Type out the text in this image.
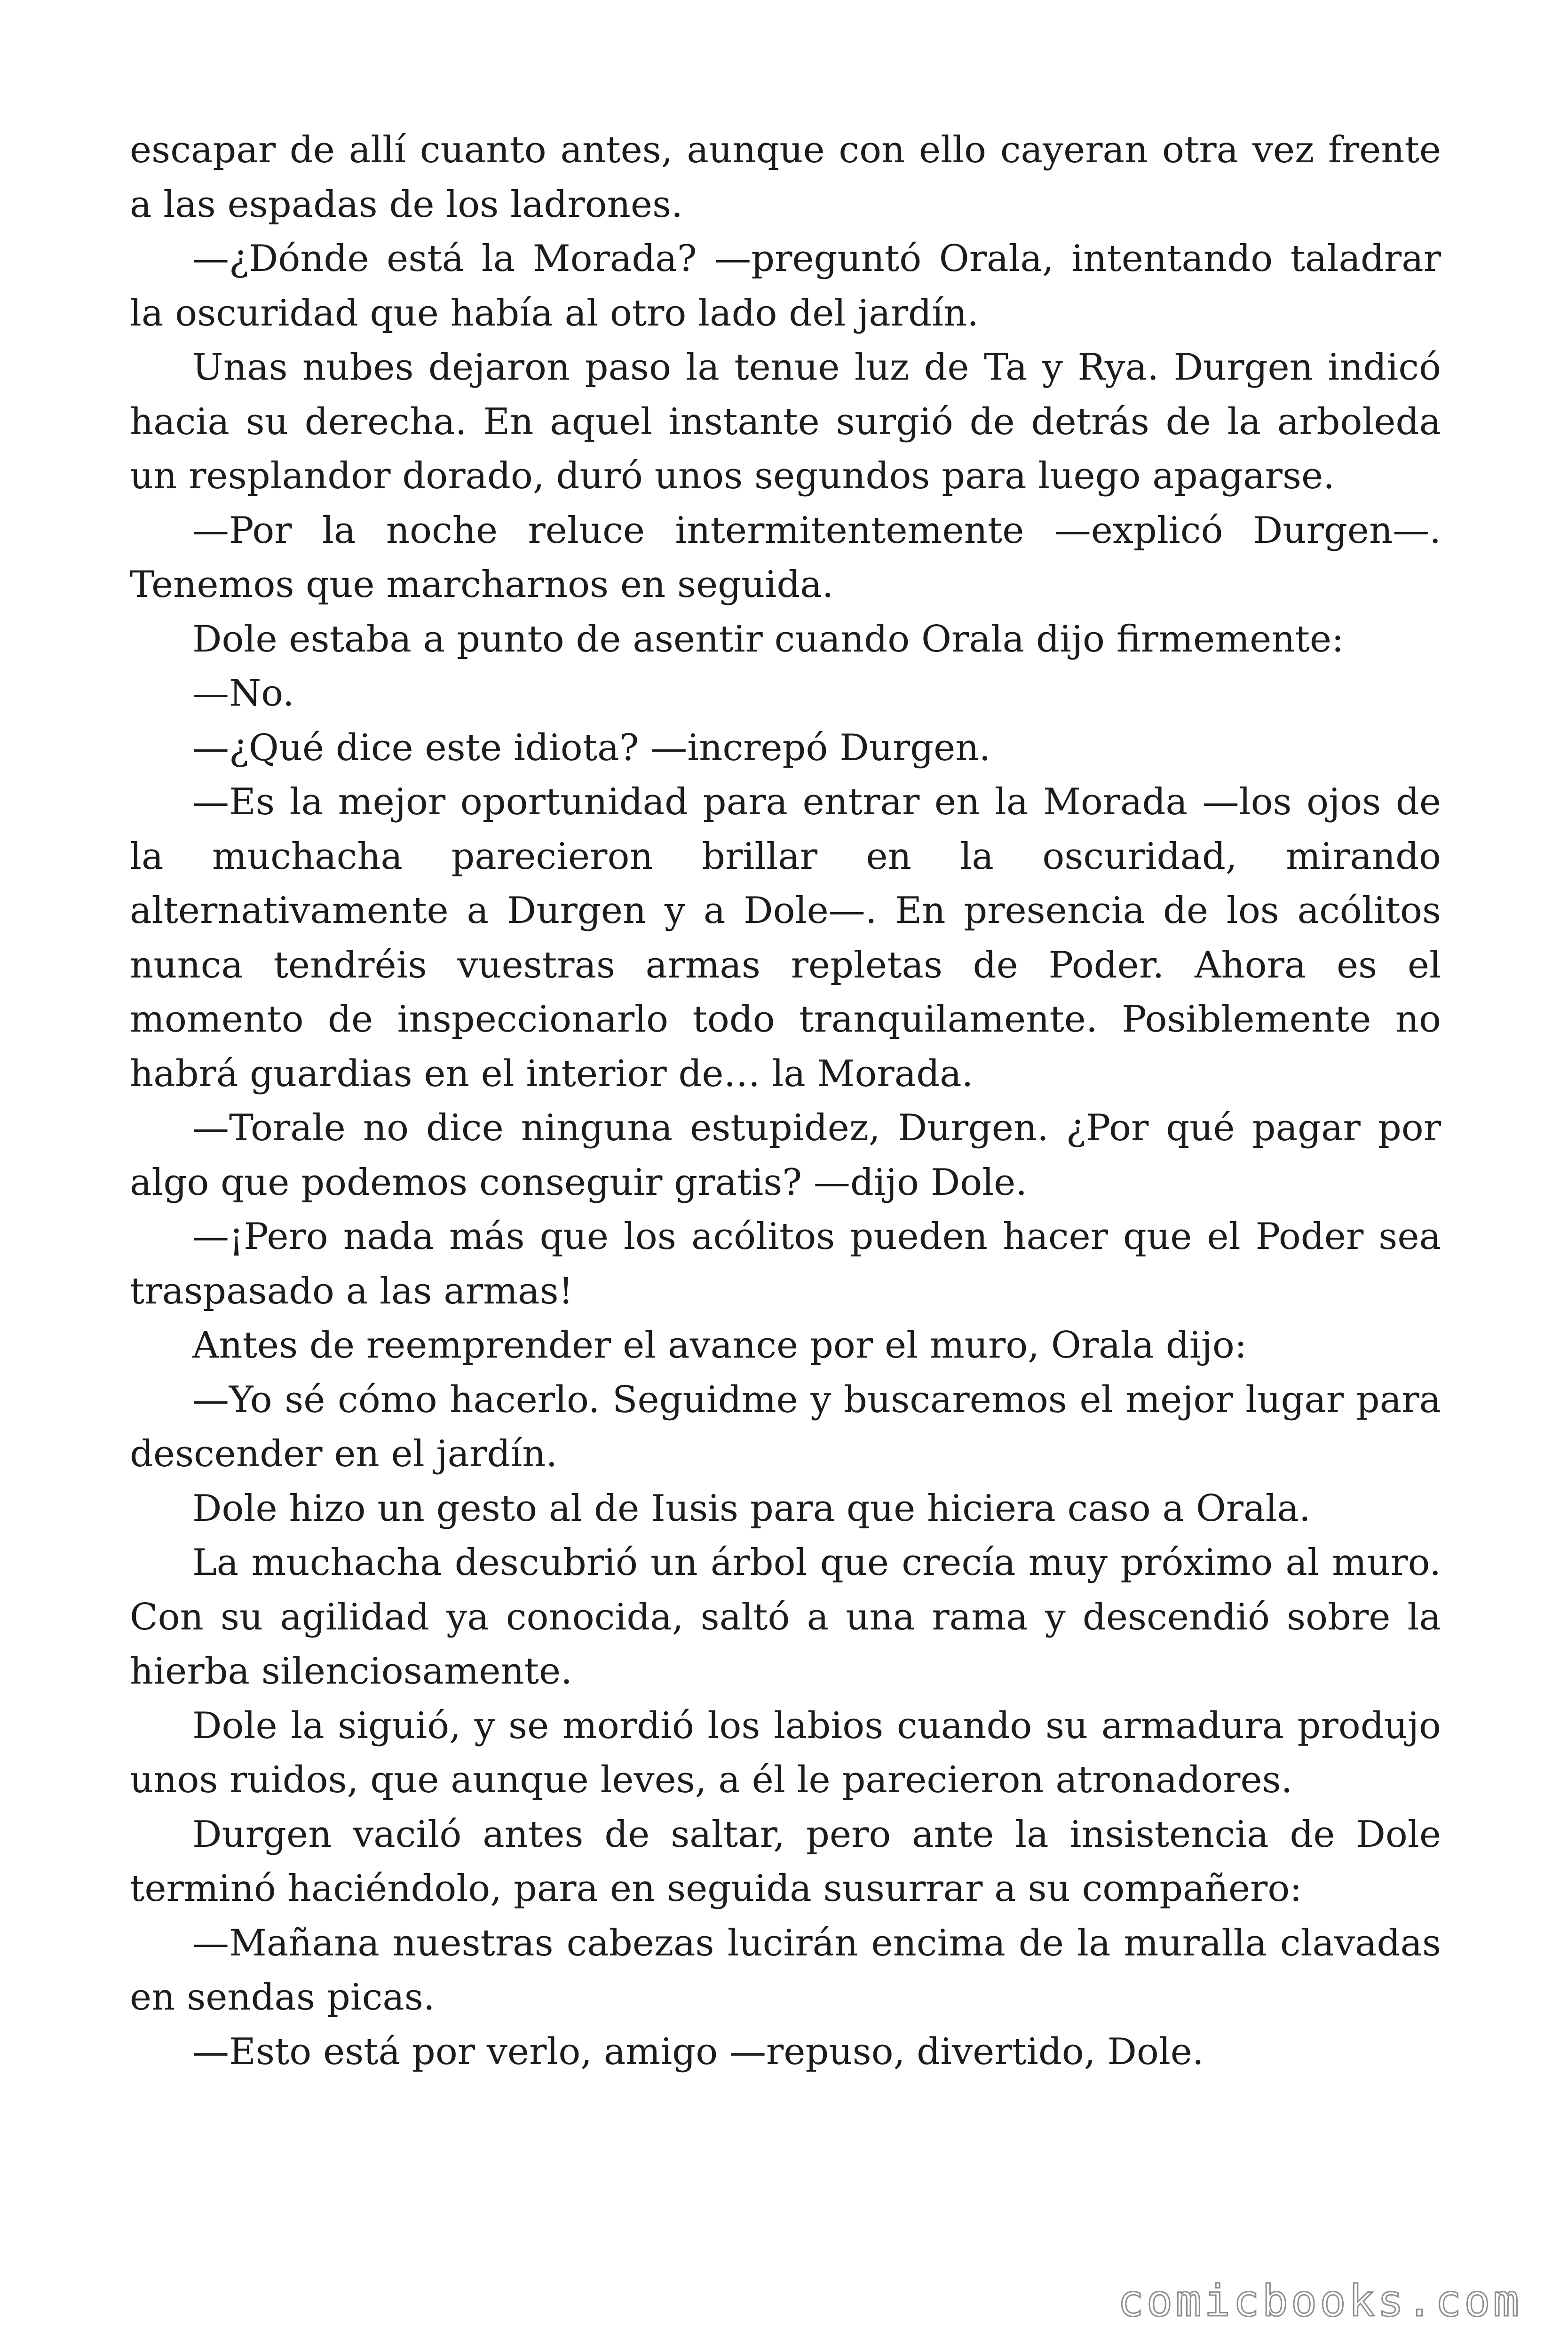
escapar de allí cuanto antes, aunque con ello cayeran otra vez frente a las espadas de los ladrones.

—¿Dónde está la Morada? —preguntó Orala, intentando taladrar la oscuridad que había al otro lado del jardín.

Unas nubes dejaron paso la tenue luz de Ta y Rya. Durgen indicó hacia su derecha. En aquel instante surgió de detrás de la arboleda un resplandor dorado, duró unos segundos para luego apagarse.

—Por la noche reluce intermitentemente —explicó Durgen—. Tenemos que marcharnos en seguida.

Dole estaba a punto de asentir cuando Orala dijo firmemente:

—No.

—¿Qué dice este idiota? —increpó Durgen.

—Es la mejor oportunidad para entrar en la Morada —los ojos de la muchacha parecieron brillar en la oscuridad, mirando alternativamente a Durgen y a Dole—. En presencia de los acólitos nunca tendréis vuestras armas repletas de Poder. Ahora es el momento de inspeccionarlo todo tranquilamente. Posiblemente no habrá guardias en el interior de… la Morada.

—Torale no dice ninguna estupidez, Durgen. ¿Por qué pagar por algo que podemos conseguir gratis? —dijo Dole.

—¡Pero nada más que los acólitos pueden hacer que el Poder sea traspasado a las armas!

Antes de reemprender el avance por el muro, Orala dijo:

—Yo sé cómo hacerlo. Seguidme y buscaremos el mejor lugar para descender en el jardín.

Dole hizo un gesto al de Iusis para que hiciera caso a Orala.

La muchacha descubrió un árbol que crecía muy próximo al muro. Con su agilidad ya conocida, saltó a una rama y descendió sobre la hierba silenciosamente.

Dole la siguió, y se mordió los labios cuando su armadura produjo unos ruidos, que aunque leves, a él le parecieron atronadores.

Durgen vaciló antes de saltar, pero ante la insistencia de Dole terminó haciéndolo, para en seguida susurrar a su compañero:

—Mañana nuestras cabezas lucirán encima de la muralla clavadas en sendas picas.

—Esto está por verlo, amigo —repuso, divertido, Dole.

comicbooks.com
